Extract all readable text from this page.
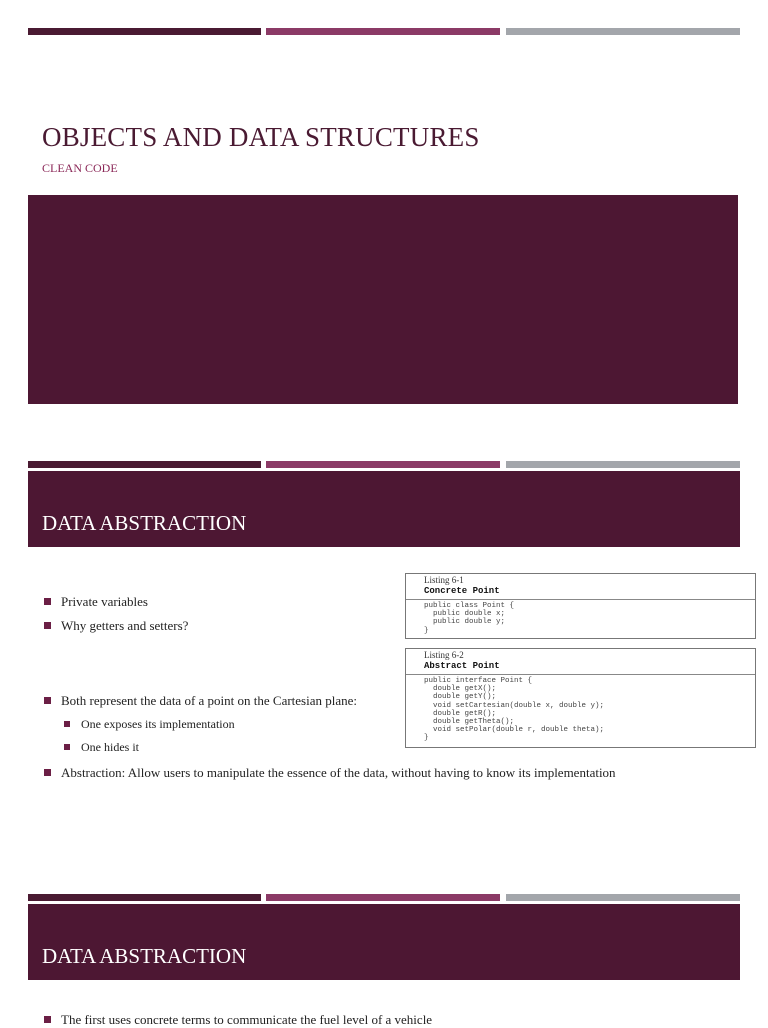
OBJECTS AND DATA STRUCTURES
CLEAN CODE
DATA ABSTRACTION
Private variables
Why getters and setters?
Both represent the data of a point on the Cartesian plane:
One exposes its implementation
One hides it
Abstraction: Allow users to manipulate the essence of the data, without having to know its implementation
Listing 6-1
Concrete Point
public class Point {
public double x;
public double y;
}
Listing 6-2
Abstract Point
public interface Point {
double getX();
double getY();
void setCartesian(double x, double y);
double getR();
double getTheta();
void setPolar(double r, double theta);
}
DATA ABSTRACTION
The first uses concrete terms to communicate the fuel level of a vehicle
